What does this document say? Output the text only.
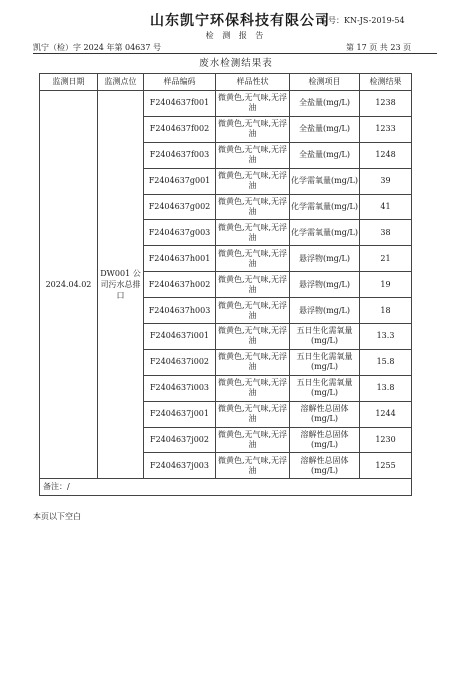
山东凯宁环保科技有限公司
编号：KN-JS-2019-54
检 测 报 告
凯宁（检）字 2024 年第 04637 号	第 17 页 共 23 页
废水检测结果表
监测日期	监测点位	样品编码	样品性状	检测项目	检测结果
2024.04.02	DW001 公司污水总排口	F2404637f001	微黄色,无气味,无浮油	全盐量(mg/L)	1238
		F2404637f002	微黄色,无气味,无浮油	全盐量(mg/L)	1233
		F2404637f003	微黄色,无气味,无浮油	全盐量(mg/L)	1248
		F2404637g001	微黄色,无气味,无浮油	化学需氧量(mg/L)	39
		F2404637g002	微黄色,无气味,无浮油	化学需氧量(mg/L)	41
		F2404637g003	微黄色,无气味,无浮油	化学需氧量(mg/L)	38
		F2404637h001	微黄色,无气味,无浮油	悬浮物(mg/L)	21
		F2404637h002	微黄色,无气味,无浮油	悬浮物(mg/L)	19
		F2404637h003	微黄色,无气味,无浮油	悬浮物(mg/L)	18
		F2404637i001	微黄色,无气味,无浮油	五日生化需氧量(mg/L)	13.3
		F2404637i002	微黄色,无气味,无浮油	五日生化需氧量(mg/L)	15.8
		F2404637i003	微黄色,无气味,无浮油	五日生化需氧量(mg/L)	13.8
		F2404637j001	微黄色,无气味,无浮油	溶解性总固体(mg/L)	1244
		F2404637j002	微黄色,无气味,无浮油	溶解性总固体(mg/L)	1230
		F2404637j003	微黄色,无气味,无浮油	溶解性总固体(mg/L)	1255
备注：/					
本页以下空白
